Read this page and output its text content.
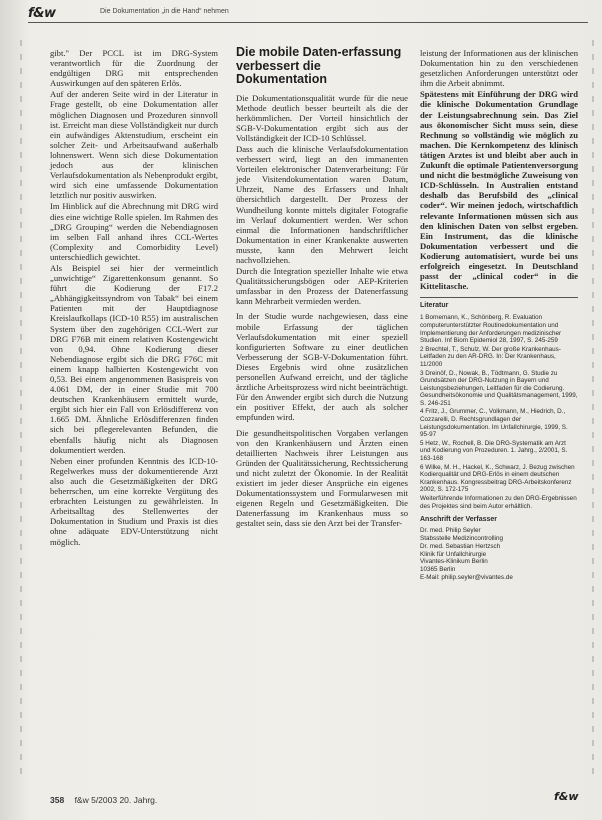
f&w	Die Dokumentation „in die Hand“ nehmen

gibt." Der PCCL ist im DRG-System verantwortlich für die Zuordnung der endgültigen DRG mit entsprechenden Auswirkungen auf den späteren Erlös.

Auf der anderen Seite wird in der Literatur in Frage gestellt, ob eine Dokumentation aller möglichen Diagnosen und Prozeduren sinnvoll ist. Erreicht man diese Vollständigkeit nur durch ein aufwändiges Aktenstudium, erscheint ein solcher Zeit- und Arbeitsaufwand außerhalb lohnenswert. Wenn sich diese Dokumentation jedoch aus der klinischen Verlaufsdokumentation als Nebenprodukt ergibt, wird sich eine umfassende Dokumentation letztlich nur positiv auswirken.

Im Hinblick auf die Abrechnung mit DRG wird dies eine wichtige Rolle spielen. Im Rahmen des „DRG Grouping“ werden die Nebendiagnosen im selben Fall anhand ihres CCL-Wertes (Complexity and Comorbidity Level) unterschiedlich gewichtet.

Als Beispiel sei hier der vermeintlich „unwichtige“ Zigarettenkonsum genannt. So führt die Kodierung der F17.2 „Abhängigkeitssyndrom von Tabak“ bei einem Patienten mit der Hauptdiagnose Kreislaufkollaps (ICD-10 R55) im australischen System über den zugehörigen CCL-Wert zur DRG F76B mit einem relativen Kostengewicht von 0,94. Ohne Kodierung dieser Nebendiagnose ergibt sich die DRG F76C mit einem knapp halbierten Kostengewicht von 0,53. Bei einem angenommenen Basispreis von 4.061 DM, der in einer Studie mit 700 deutschen Krankenhäusern ermittelt wurde, ergibt sich hier ein Fall von Erlösdifferenz von 1.665 DM. Ähnliche Erlösdifferenzen finden sich bei pflegerelevanten Befunden, die ebenfalls häufig nicht als Diagnosen dokumentiert werden.

Neben einer profunden Kenntnis des ICD-10-Regelwerkes muss der dokumentierende Arzt also auch die Gesetzmäßigkeiten der DRG beherrschen, um eine korrekte Vergütung des erbrachten Leistungen zu gewährleisten. In Arbeitsalltag des Stellenwertes der Dokumentation in Studium und Praxis ist dies ohne adäquate EDV-Unterstützung nicht möglich.

Die mobile Daten-erfassung verbessert die Dokumentation

Die Dokumentationsqualität wurde für die neue Methode deutlich besser beurteilt als die der herkömmlichen. Der Vorteil hinsichtlich der SGB-V-Dokumentation ergibt sich aus der Vollständigkeit der ICD-10 Schlüssel.

Dass auch die klinische Verlaufsdokumentation verbessert wird, liegt an den immanenten Vorteilen elektronischer Datenverarbeitung: Für jede Visitendokumentation waren Datum, Uhrzeit, Name des Erfassers und Inhalt übersichtlich dargestellt. Der Prozess der Wundheilung konnte mittels digitaler Fotografie im Verlauf dokumentiert werden. Wer schon einmal die Informationen handschriftlicher Dokumentation in einer Krankenakte auswerten musste, kann den Mehrwert leicht nachvollziehen.

Durch die Integration spezieller Inhalte wie etwa Qualitätssicherungsbögen oder AEP-Kriterien umfassbar in den Prozess der Datenerfassung kann Mehrarbeit vermieden werden.

In der Studie wurde nachgewiesen, dass eine mobile Erfassung der täglichen Verlaufsdokumentation mit einer speziell konfigurierten Software zu einer deutlichen Verbesserung der SGB-V-Dokumentation führt. Dieses Ergebnis wird ohne zusätzlichen personellen Aufwand erreicht, und der tägliche ärztliche Arbeitsprozess wird nicht beeinträchtigt. Für den Anwender ergibt sich durch die Nutzung ein positiver Effekt, der auch als solcher empfunden wird.

Die gesundheitspolitischen Vorgaben verlangen von den Krankenhäusern und Ärzten einen detaillierten Nachweis ihrer Leistungen aus Gründen der Qualitätssicherung, Rechtssicherung und nicht zuletzt der Ökonomie. In der Realität existiert im jeder dieser Ansprüche ein eigenes Dokumentationssystem und Formularwesen mit eigenen Regeln und Gesetzmäßigkeiten. Die Datenerfassung im Krankenhaus muss so gestaltet sein, dass sie den Arzt bei der Transfer-

leistung der Informationen aus der klinischen Dokumentation hin zu den verschiedenen gesetzlichen Anforderungen unterstützt oder ihm die Arbeit abnimmt.

Spätestens mit Einführung der DRG wird die klinische Dokumentation Grundlage der Leistungsabrechnung sein. Das Ziel aus ökonomischer Sicht muss sein, diese Rechnung so vollständig wie möglich zu machen. Die Kernkompetenz des klinisch tätigen Arztes ist und bleibt aber auch in Zukunft die optimale Patientenversorgung und nicht die bestmögliche Zuweisung von ICD-Schlüsseln. In Australien entstand deshalb das Berufsbild des „clinical coder“. Wir meinen jedoch, wirtschaftlich relevante Informationen müssen sich aus den klinischen Daten von selbst ergeben. Ein Instrument, das die klinische Dokumentation verbessert und die Kodierung automatisiert, wurde bei uns erfolgreich eingesetzt. In Deutschland passt der „clinical coder“ in die Kittelitasche.

Literatur

1 Bornemann, K., Schönberg, R. Evaluation computerunterstützter Routinedokumentation und Implementierung der Anforderungen medizinischer Studien. Inf Biom Epidemiol 28, 1997, S. 245-259

2 Brechtel, T., Schulz, W. Der große Krankenhaus-Leitfaden zu den AR-DRG. In: Der Krankenhaus, 11/2000

3 Dreinöf, D., Nowak, B., Tödtmann, G. Studie zu Grundsätzen der DRG-Nutzung in Bayern und Leistungsbeziehungen, Leitfaden für die Codierung. Gesundheitsökonomie und Qualitätsmanagement, 1999, S. 246-251

4 Fritz, J., Grummer, C., Volkmann, M., Hiedrich, D., Cozzarelli, D. Rechtsgrundlagen der Leistungsdokumentation. Im Unfallchirurgie, 1999, S. 95-97

5 Hetz, W., Rochell, B. Die DRG-Systematik am Arzt und Kodierung von Prozeduren. 1. Jahrg., 2/2001, S. 163-168

6 Wilke, M. H., Hackel, K., Schwarz, J. Bezug zwischen Kodierqualität und DRG-Erlös in einem deutschen Krankenhaus. Kongressbeitrag DRG-Arbeitskonferenz 2002, S. 172-175

Weiterführende Informationen zu den DRG-Ergebnissen des Projektes sind beim Autor erhältlich.

Anschrift der Verfasser
Dr. med. Philip Seyler
Stabsstelle Medizincontrolling
Dr. med. Sebastian Hertzsch
Klinik für Unfallchirurgie
Vivantes-Klinikum Berlin
10365 Berlin
E-Mail: philip.seyler@vivantes.de
358 f&w 5/2003 20. Jahrg.	f&w
